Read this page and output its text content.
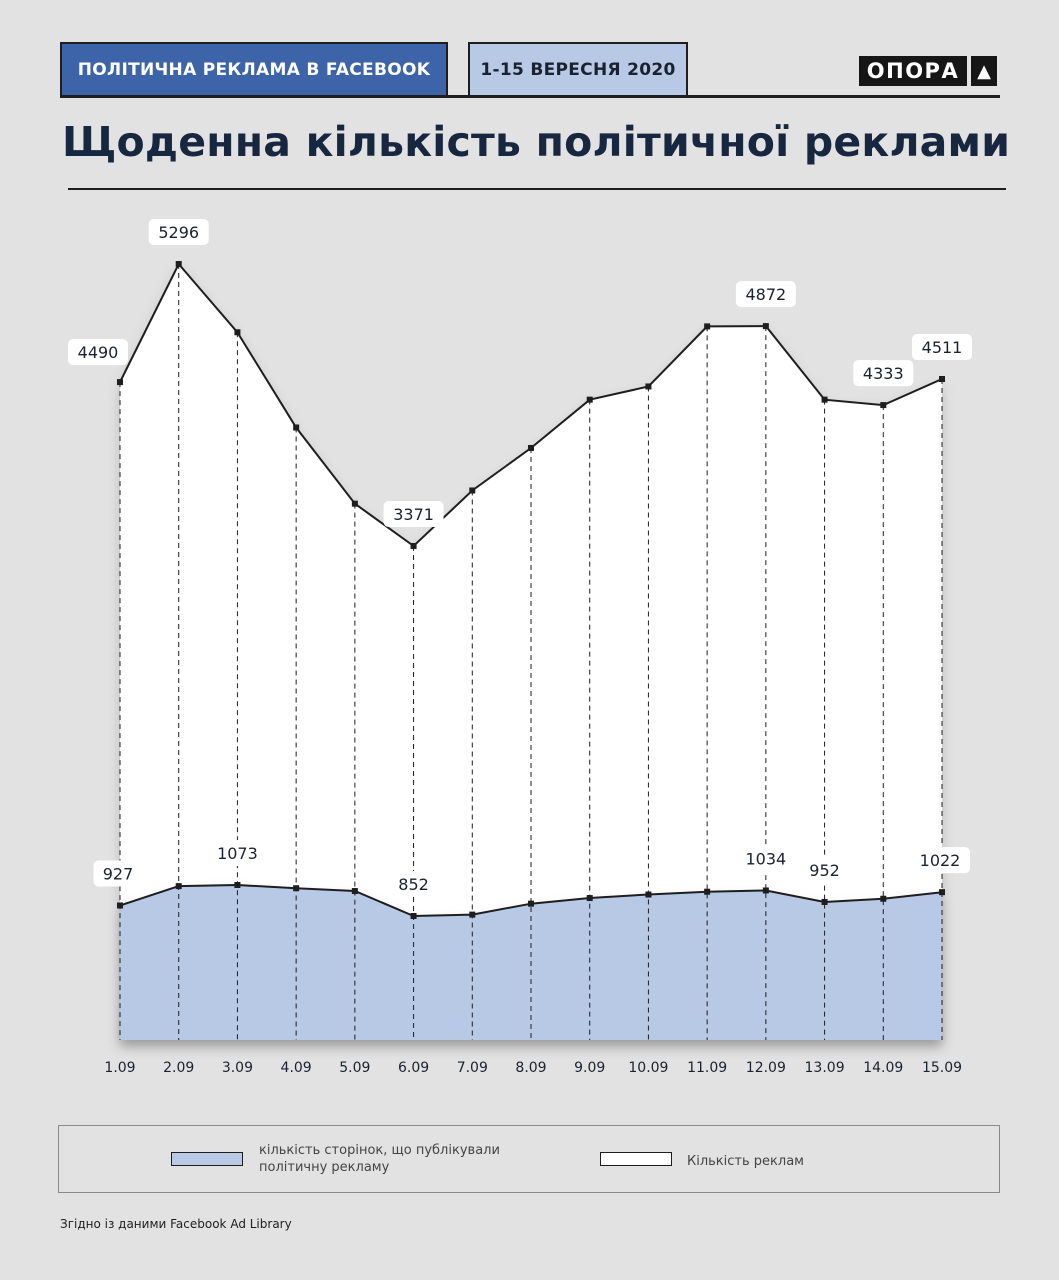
ПОЛІТИЧНА РЕКЛАМА В FACEBOOK	1-15 ВЕРЕСНЯ 2020	ОПОРА ▲
Щоденна кількість політичної реклами
4490
5296
3371
4872
4333
4511
927
1073
852
1034
952
1022
1.09 2.09 3.09 4.09 5.09 6.09 7.09 8.09 9.09 10.09 11.09 12.09 13.09 14.09 15.09
кількість сторінок, що публікували політичну рекламу	Кількість реклам
Згідно із даними Facebook Ad Library
